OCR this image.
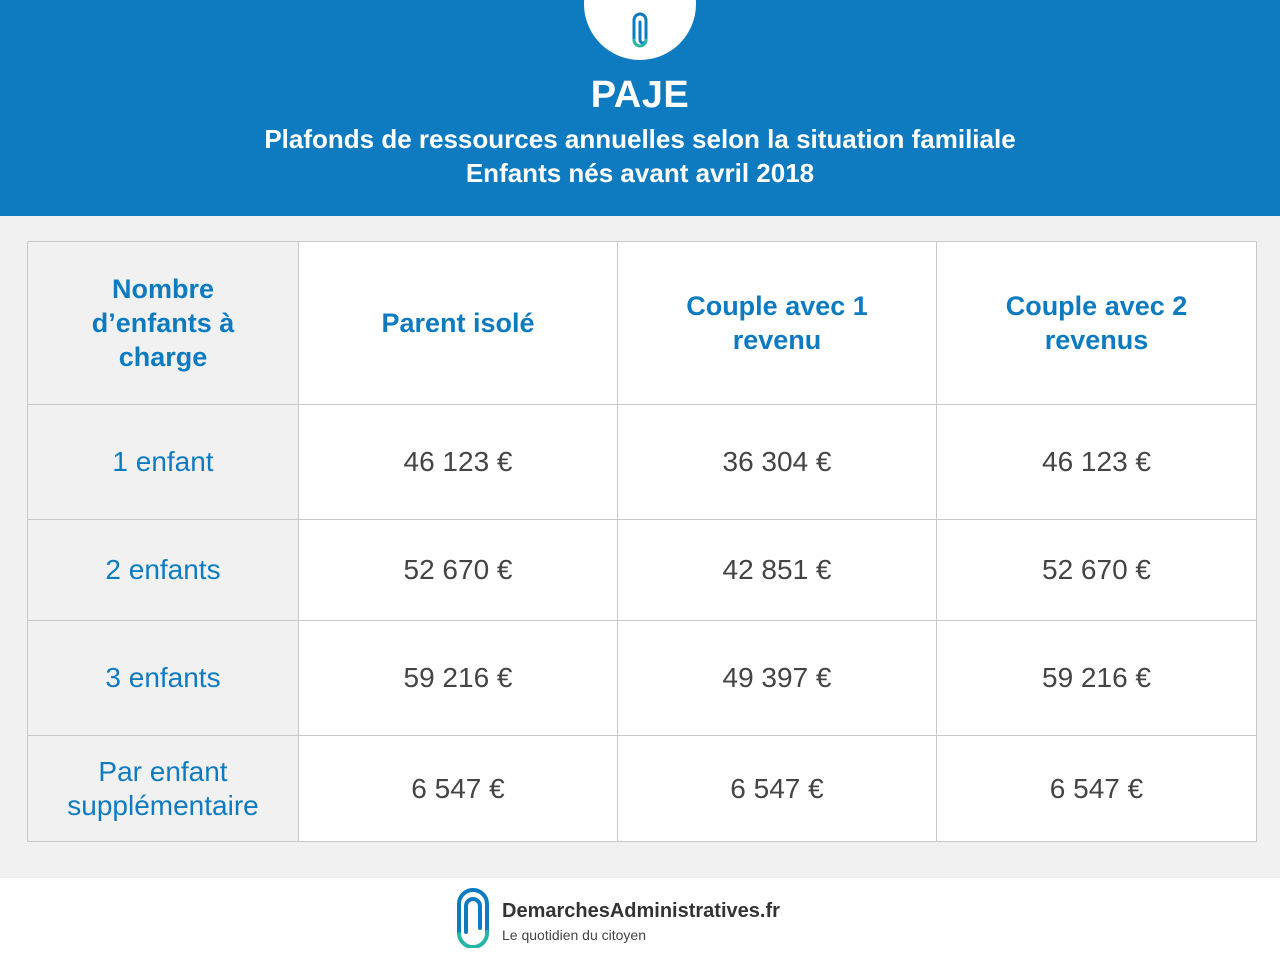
PAJE
Plafonds de ressources annuelles selon la situation familiale
Enfants nés avant avril 2018
Nombre d’enfants à charge	Parent isolé	Couple avec 1 revenu	Couple avec 2 revenus
1 enfant	46 123 €	36 304 €	46 123 €
2 enfants	52 670 €	42 851 €	52 670 €
3 enfants	59 216 €	49 397 €	59 216 €
Par enfant supplémentaire	6 547 €	6 547 €	6 547 €
DemarchesAdministratives.fr
Le quotidien du citoyen
